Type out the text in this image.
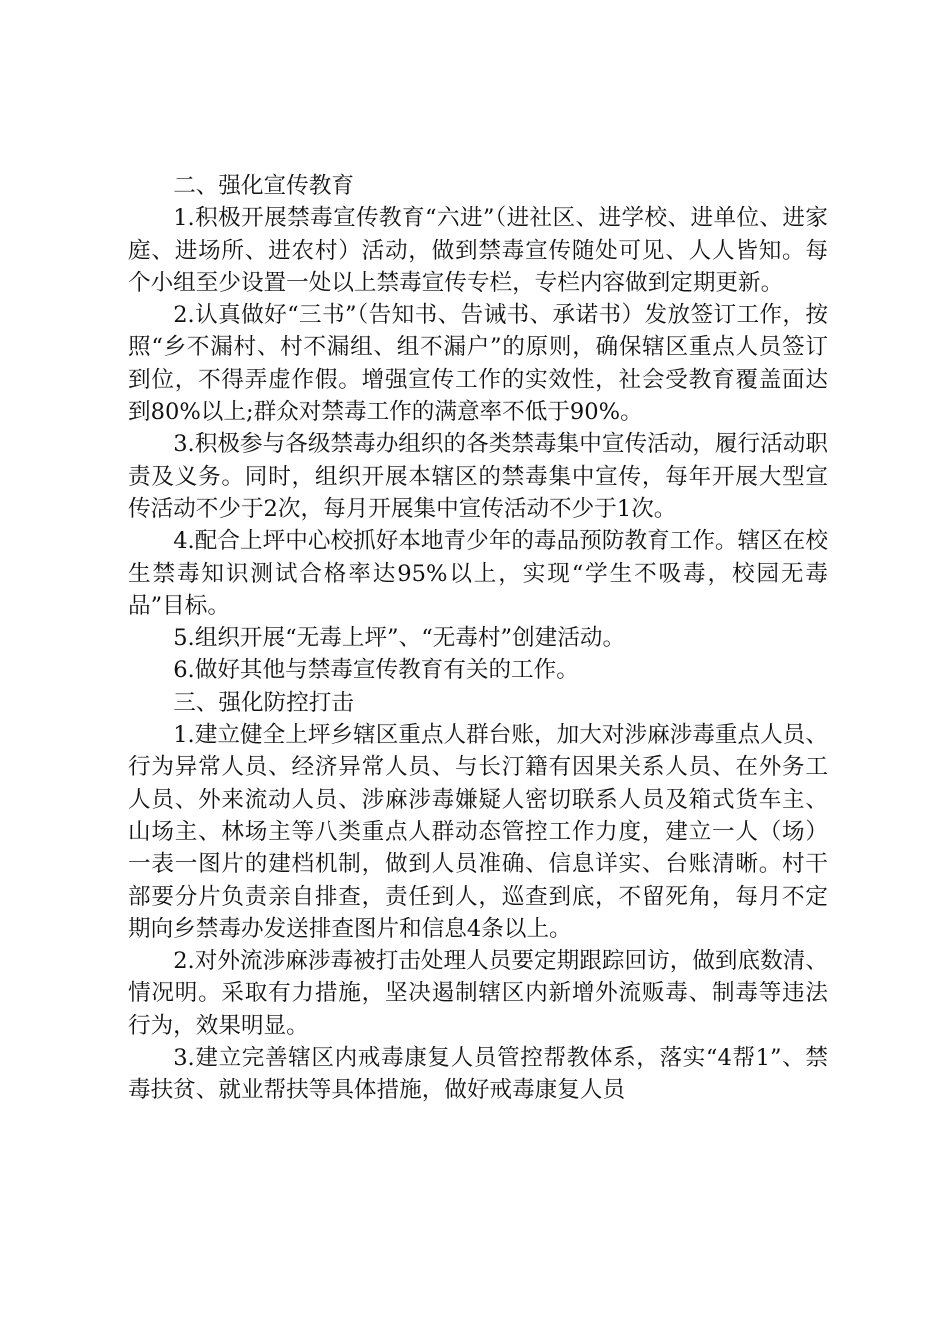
二、强化宣传教育

1.积极开展禁毒宣传教育“六进”（进社区、进学校、进单位、进家庭、进场所、进农村）活动，做到禁毒宣传随处可见、人人皆知。每个小组至少设置一处以上禁毒宣传专栏，专栏内容做到定期更新。

2.认真做好“三书”（告知书、告诫书、承诺书）发放签订工作，按照“乡不漏村、村不漏组、组不漏户”的原则，确保辖区重点人员签订到位，不得弄虚作假。增强宣传工作的实效性，社会受教育覆盖面达到80%以上;群众对禁毒工作的满意率不低于90%。

3.积极参与各级禁毒办组织的各类禁毒集中宣传活动，履行活动职责及义务。同时，组织开展本辖区的禁毒集中宣传，每年开展大型宣传活动不少于2次，每月开展集中宣传活动不少于1次。

4.配合上坪中心校抓好本地青少年的毒品预防教育工作。辖区在校生禁毒知识测试合格率达95%以上，实现“学生不吸毒，校园无毒品”目标。

5.组织开展“无毒上坪”、“无毒村”创建活动。

6.做好其他与禁毒宣传教育有关的工作。

三、强化防控打击

1.建立健全上坪乡辖区重点人群台账，加大对涉麻涉毒重点人员、行为异常人员、经济异常人员、与长汀籍有因果关系人员、在外务工人员、外来流动人员、涉麻涉毒嫌疑人密切联系人员及箱式货车主、山场主、林场主等八类重点人群动态管控工作力度，建立一人（场）一表一图片的建档机制，做到人员准确、信息详实、台账清晰。村干部要分片负责亲自排查，责任到人，巡查到底，不留死角，每月不定期向乡禁毒办发送排查图片和信息4条以上。

2.对外流涉麻涉毒被打击处理人员要定期跟踪回访，做到底数清、情况明。采取有力措施，坚决遏制辖区内新增外流贩毒、制毒等违法行为，效果明显。

3.建立完善辖区内戒毒康复人员管控帮教体系，落实“4帮1”、禁毒扶贫、就业帮扶等具体措施，做好戒毒康复人员
